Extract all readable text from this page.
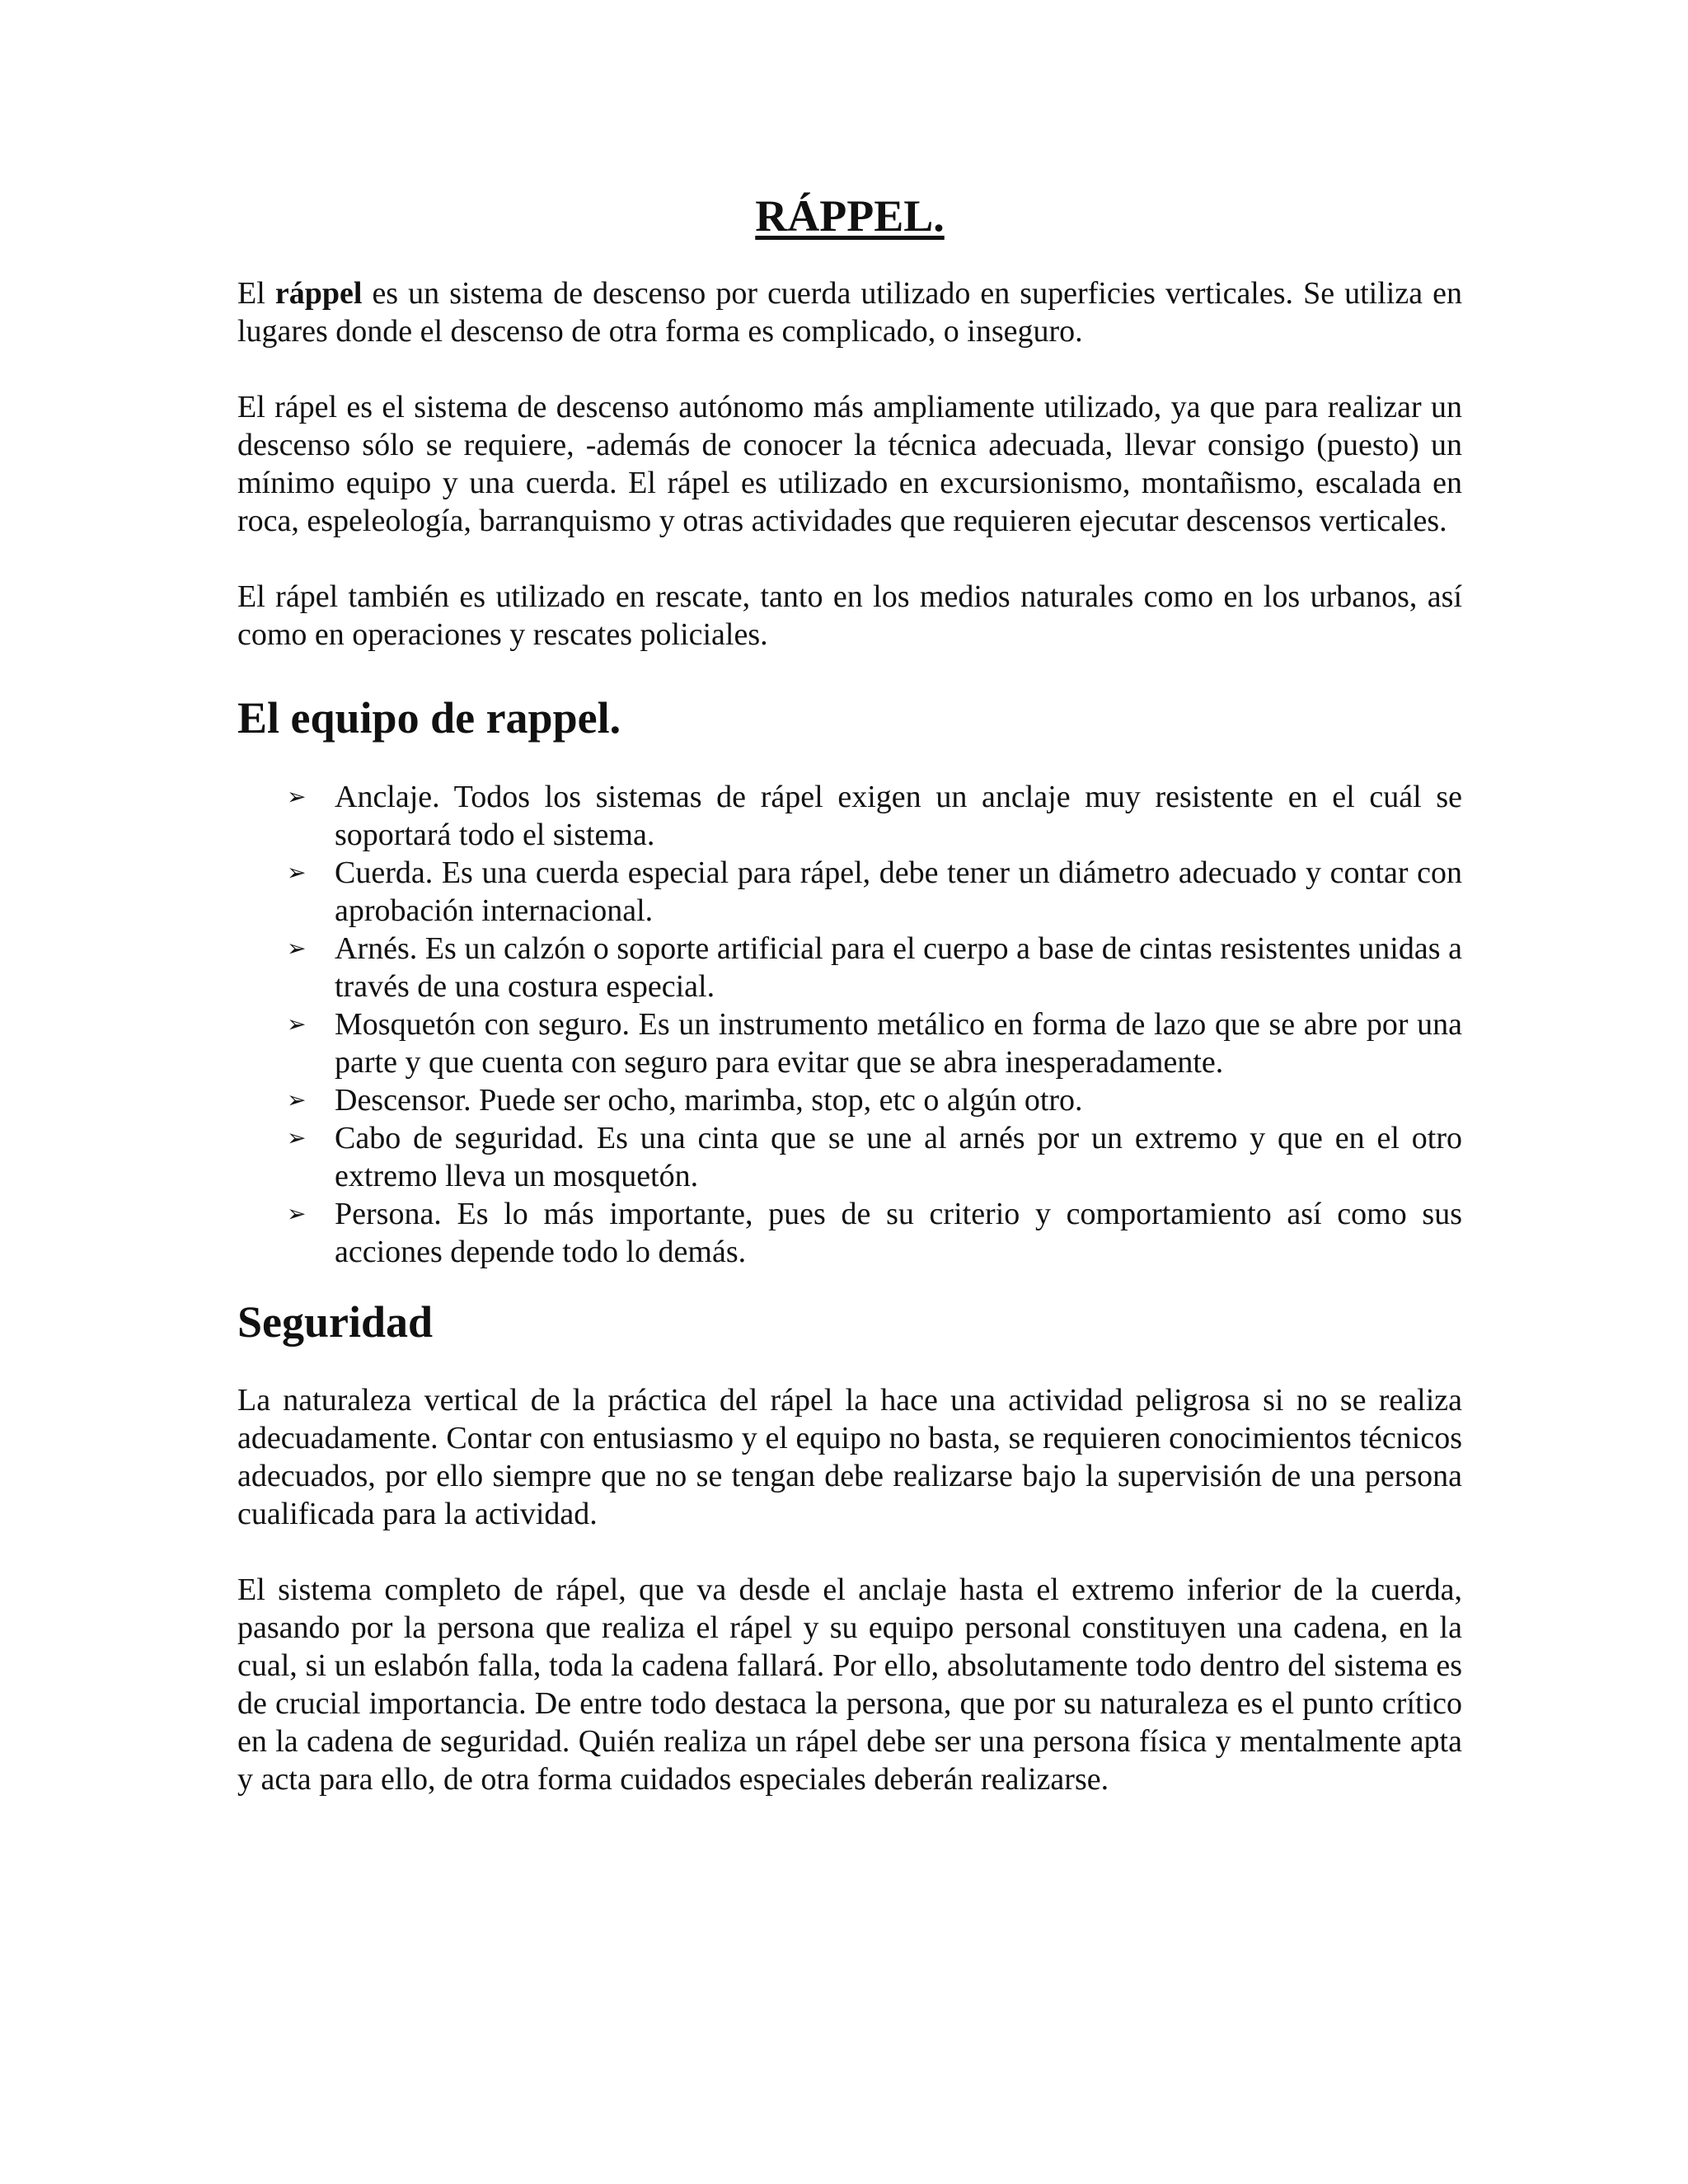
RÁPPEL.

El ráppel es un sistema de descenso por cuerda utilizado en superficies verticales. Se utiliza en lugares donde el descenso de otra forma es complicado, o inseguro.

El rápel es el sistema de descenso autónomo más ampliamente utilizado, ya que para realizar un descenso sólo se requiere, -además de conocer la técnica adecuada, llevar consigo (puesto) un mínimo equipo y una cuerda. El rápel es utilizado en excursionismo, montañismo, escalada en roca, espeleología, barranquismo y otras actividades que requieren ejecutar descensos verticales.

El rápel también es utilizado en rescate, tanto en los medios naturales como en los urbanos, así como en operaciones y rescates policiales.

El equipo de rappel.
➢ Anclaje. Todos los sistemas de rápel exigen un anclaje muy resistente en el cuál se soportará todo el sistema.
➢ Cuerda. Es una cuerda especial para rápel, debe tener un diámetro adecuado y contar con aprobación internacional.
➢ Arnés. Es un calzón o soporte artificial para el cuerpo a base de cintas resistentes unidas a través de una costura especial.
➢ Mosquetón con seguro. Es un instrumento metálico en forma de lazo que se abre por una parte y que cuenta con seguro para evitar que se abra inesperadamente.
➢ Descensor. Puede ser ocho, marimba, stop, etc o algún otro.
➢ Cabo de seguridad. Es una cinta que se une al arnés por un extremo y que en el otro extremo lleva un mosquetón.
➢ Persona. Es lo más importante, pues de su criterio y comportamiento así como sus acciones depende todo lo demás.
Seguridad

La naturaleza vertical de la práctica del rápel la hace una actividad peligrosa si no se realiza adecuadamente. Contar con entusiasmo y el equipo no basta, se requieren conocimientos técnicos adecuados, por ello siempre que no se tengan debe realizarse bajo la supervisión de una persona cualificada para la actividad.

El sistema completo de rápel, que va desde el anclaje hasta el extremo inferior de la cuerda, pasando por la persona que realiza el rápel y su equipo personal constituyen una cadena, en la cual, si un eslabón falla, toda la cadena fallará. Por ello, absolutamente todo dentro del sistema es de crucial importancia. De entre todo destaca la persona, que por su naturaleza es el punto crítico en la cadena de seguridad. Quién realiza un rápel debe ser una persona física y mentalmente apta y acta para ello, de otra forma cuidados especiales deberán realizarse.
